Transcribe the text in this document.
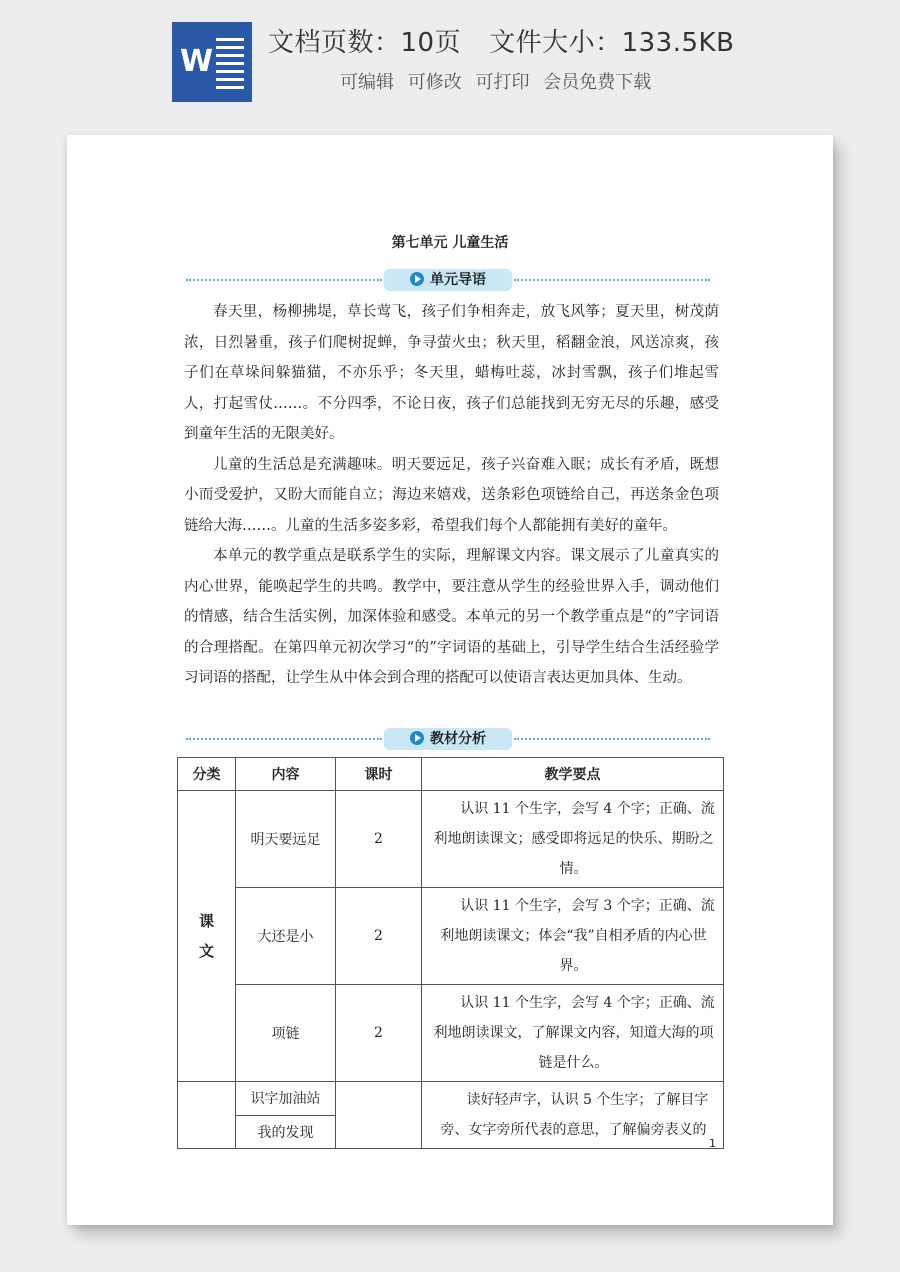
W
文档页数：10页 文件大小：133.5KB
可编辑 可修改 可打印 会员免费下载
第七单元 儿童生活
单元导语

春天里，杨柳拂堤，草长莺飞，孩子们争相奔走，放飞风筝；夏天里，树茂荫浓，日烈暑重，孩子们爬树捉蝉，争寻萤火虫；秋天里，稻翻金浪，风送凉爽，孩子们在草垛间躲猫猫，不亦乐乎；冬天里，蜡梅吐蕊，冰封雪飘，孩子们堆起雪人，打起雪仗……。不分四季，不论日夜，孩子们总能找到无穷无尽的乐趣，感受到童年生活的无限美好。

儿童的生活总是充满趣味。明天要远足，孩子兴奋难入眠；成长有矛盾，既想小而受爱护，又盼大而能自立；海边来嬉戏，送条彩色项链给自己，再送条金色项链给大海……。儿童的生活多姿多彩，希望我们每个人都能拥有美好的童年。

本单元的教学重点是联系学生的实际，理解课文内容。课文展示了儿童真实的内心世界，能唤起学生的共鸣。教学中，要注意从学生的经验世界入手，调动他们的情感，结合生活实例，加深体验和感受。本单元的另一个教学重点是“的”字词语的合理搭配。在第四单元初次学习“的”字词语的基础上，引导学生结合生活经验学习词语的搭配，让学生从中体会到合理的搭配可以使语言表达更加具体、生动。

教材分析
分类	内容	课时	教学要点
课文	明天要远足	2	认识 11 个生字，会写 4 个字；正确、流利地朗读课文；感受即将远足的快乐、期盼之情。

	大还是小	2	认识 11 个生字，会写 3 个字；正确、流利地朗读课文；体会“我”自相矛盾的内心世界。

	项链	2	认识 11 个生字，会写 4 个字；正确、流利地朗读课文，了解课文内容，知道大海的项链是什么。

	识字加油站		读好轻声字，认识 5 个生字；了解目字旁、女字旁所代表的意思，了解偏旁表义的

	我的发现		
1
